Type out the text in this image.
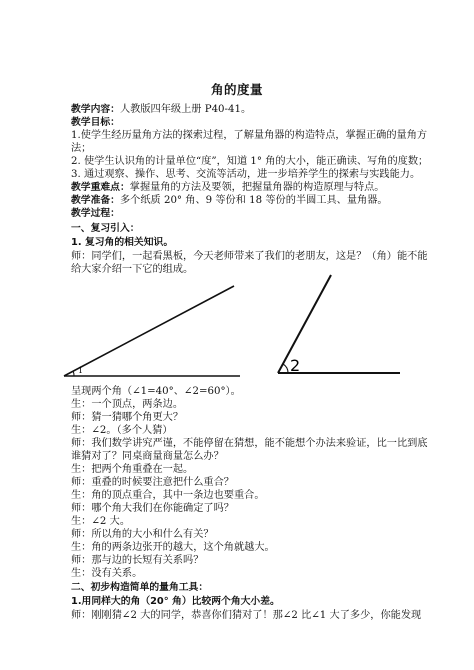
角的度量
教学内容：人教版四年级上册 P40-41。
教学目标：
1.使学生经历量角方法的探索过程，了解量角器的构造特点，掌握正确的量角方
法；
2. 使学生认识角的计量单位“度”，知道 1° 角的大小，能正确读、写角的度数；
3. 通过观察、操作、思考、交流等活动，进一步培养学生的探索与实践能力。
教学重难点：掌握量角的方法及要领，把握量角器的构造原理与特点。
教学准备：多个纸质 20° 角、9 等份和 18 等份的半圆工具、量角器。
教学过程：
一、复习引入：
1. 复习角的相关知识。
师：同学们，一起看黑板，今天老师带来了我们的老朋友，这是？（角）能不能
给大家介绍一下它的组成。
1	2
呈现两个角（∠1=40°、∠2=60°）。
生：一个顶点，两条边。
师：猜一猜哪个角更大？
生：∠2。（多个人猜）
师：我们数学讲究严谨，不能停留在猜想，能不能想个办法来验证，比一比到底
谁猜对了？同桌商量商量怎么办？
生：把两个角重叠在一起。
师：重叠的时候要注意把什么重合？
生：角的顶点重合，其中一条边也要重合。
师：哪个角大我们在你能确定了吗？
生：∠2 大。
师：所以角的大小和什么有关？
生：角的两条边张开的越大，这个角就越大。
师：那与边的长短有关系吗？
生：没有关系。
二、初步构造简单的量角工具：
1.用同样大的角（20° 角）比较两个角大小差。
师：刚刚猜∠2 大的同学，恭喜你们猜对了！那∠2 比∠1 大了多少，你能发现
